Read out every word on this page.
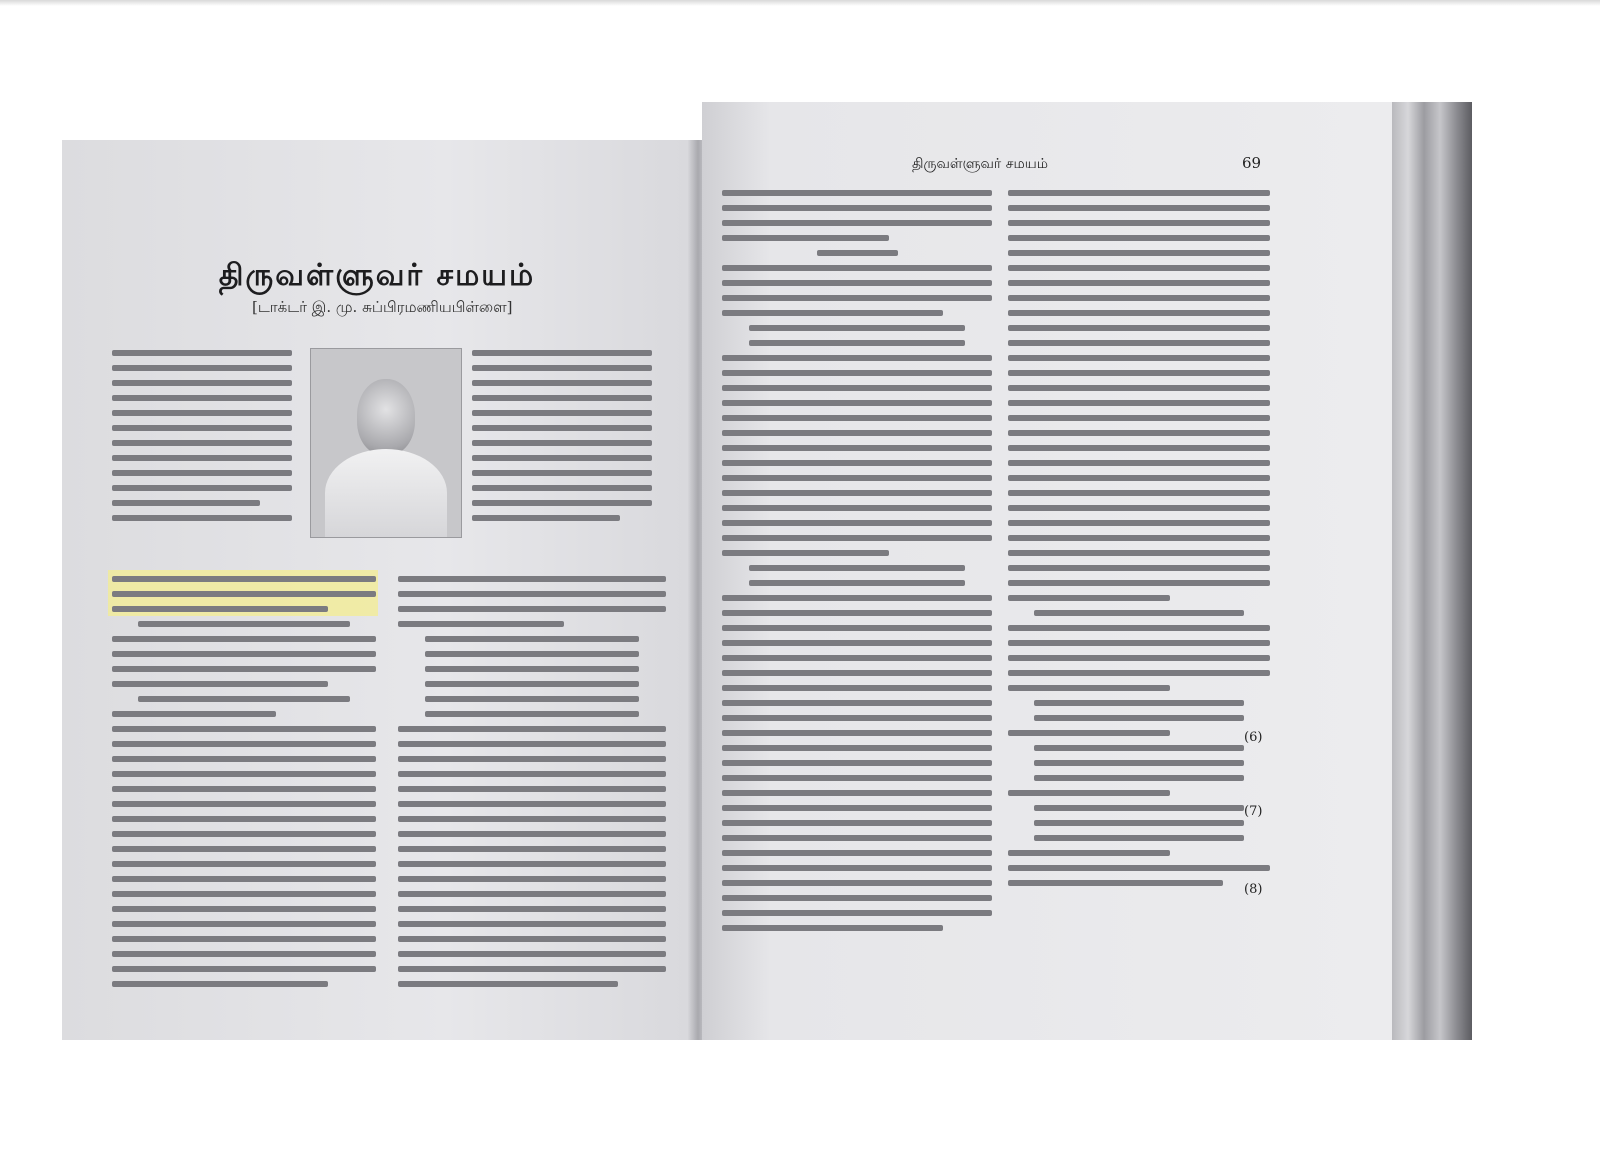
திருவள்ளுவர் சமயம்
[டாக்டர் இ. மு. சுப்பிரமணியபிள்ளை]
திருவள்ளுவர் சமயம்	69
(6)
(7)
(8)
